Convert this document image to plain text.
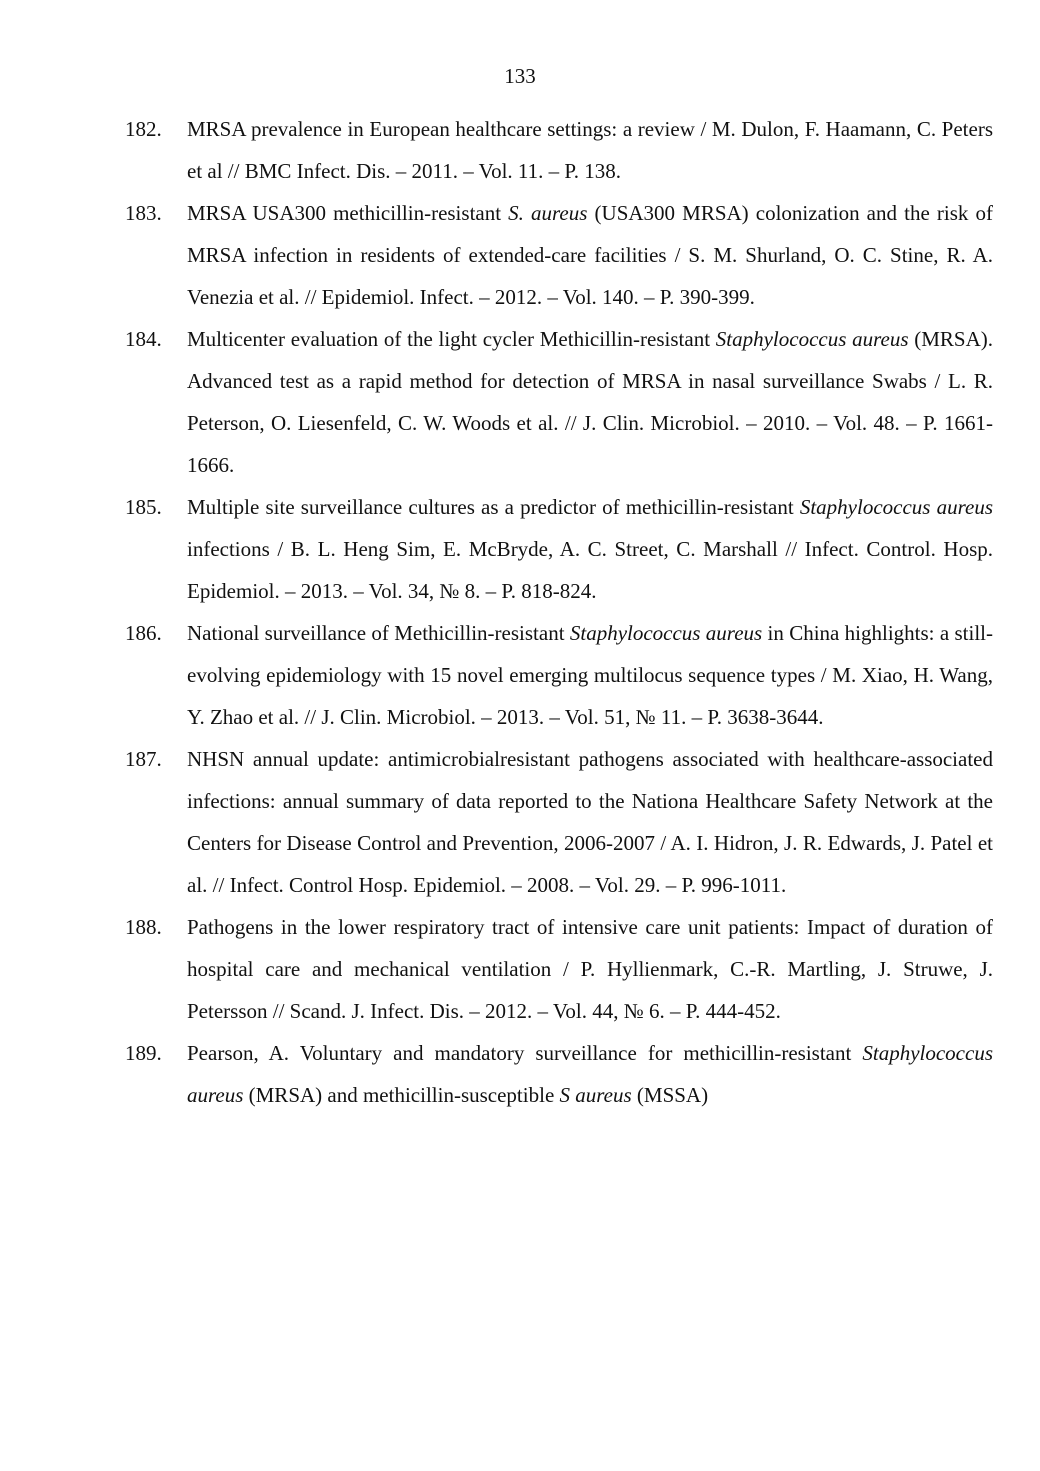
133
182.	MRSA prevalence in European healthcare settings: a review / M. Dulon, F. Haamann, C. Peters et al // BMC Infect. Dis. – 2011. – Vol. 11. – P. 138.
183.	MRSA USA300 methicillin-resistant S. aureus (USA300 MRSA) colonization and the risk of MRSA infection in residents of extended-care facilities / S. M. Shurland, O. C. Stine, R. A. Venezia et al. // Epidemiol. Infect. – 2012. – Vol. 140. – P. 390-399.
184.	Multicenter evaluation of the light cycler Methicillin-resistant Staphylococcus aureus (MRSA). Advanced test as a rapid method for detection of MRSA in nasal surveillance Swabs / L. R. Peterson, O. Liesenfeld, C. W. Woods et al. // J. Clin. Microbiol. – 2010. – Vol. 48. – P. 1661-1666.
185.	Multiple site surveillance cultures as a predictor of methicillin-resistant Staphylococcus aureus infections / B. L. Heng Sim, E. McBryde, A. C. Street, C. Marshall // Infect. Control. Hosp. Epidemiol. – 2013. – Vol. 34, № 8. – P. 818-824.
186.	National surveillance of Methicillin-resistant Staphylococcus aureus in China highlights: a still-evolving epidemiology with 15 novel emerging multilocus sequence types / M. Xiao, H. Wang, Y. Zhao et al. // J. Clin. Microbiol. – 2013. – Vol. 51, № 11. – P. 3638-3644.
187.	NHSN annual update: antimicrobialresistant pathogens associated with healthcare-associated infections: annual summary of data reported to the Nationa Healthcare Safety Network at the Centers for Disease Control and Prevention, 2006-2007 / A. I. Hidron, J. R. Edwards, J. Patel et al. // Infect. Control Hosp. Epidemiol. – 2008. – Vol. 29. – P. 996-1011.
188.	Pathogens in the lower respiratory tract of intensive care unit patients: Impact of duration of hospital care and mechanical ventilation / P. Hyllienmark, C.-R. Martling, J. Struwe, J. Petersson // Scand. J. Infect. Dis. – 2012. – Vol. 44, № 6. – P. 444-452.
189.	Pearson, A. Voluntary and mandatory surveillance for methicillin-resistant Staphylococcus aureus (MRSA) and methicillin-susceptible S aureus (MSSA)
